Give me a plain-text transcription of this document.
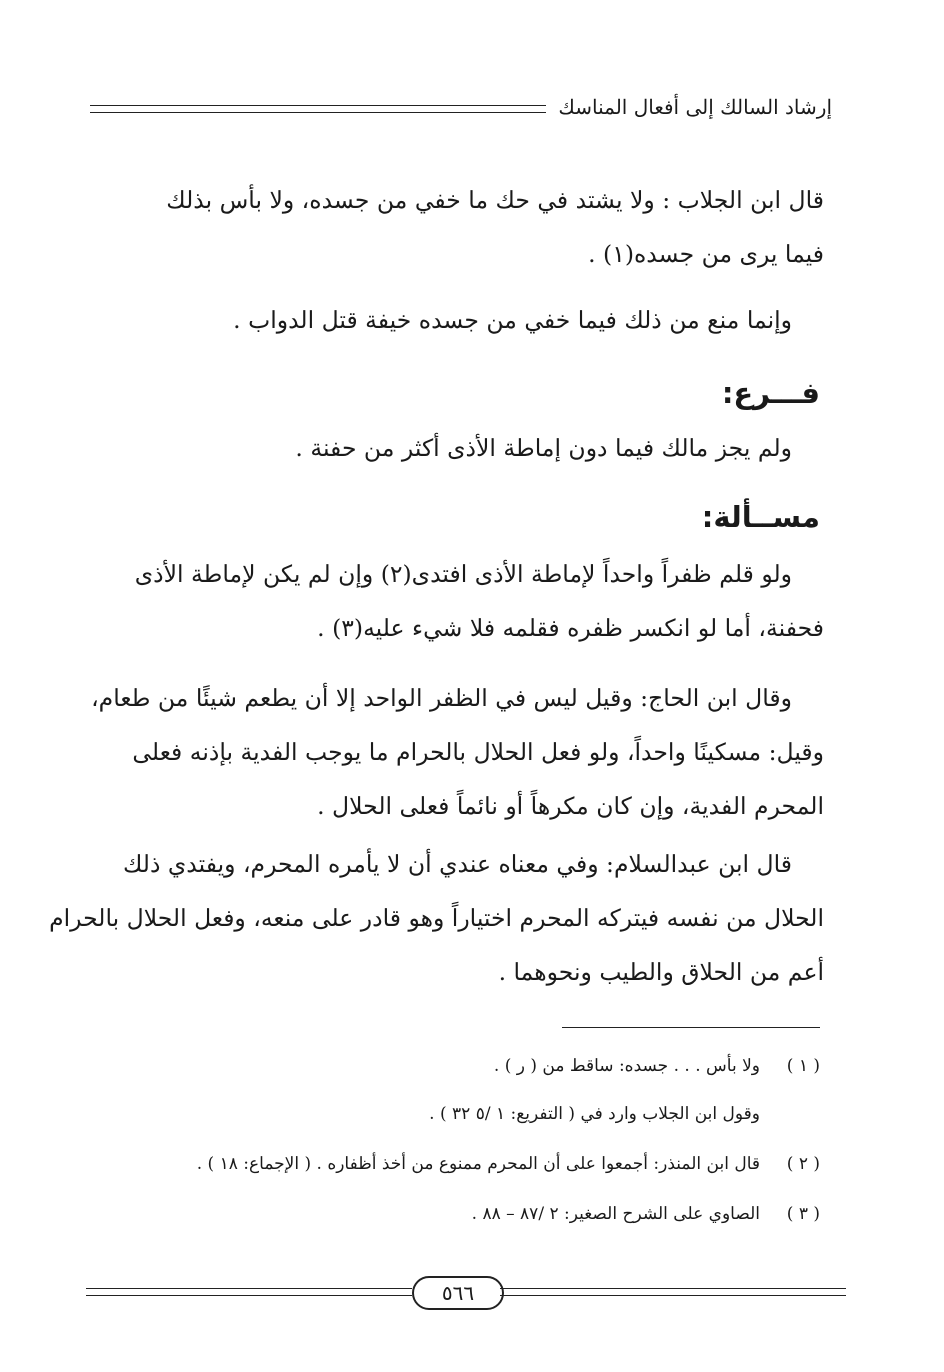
إرشاد السالك إلى أفعال المناسك
قال ابن الجلاب : ولا يشتد في حك ما خفي من جسده، ولا بأس بذلك
فيما يرى من جسده(١) .
وإنما منع من ذلك فيما خفي من جسده خيفة قتل الدواب .
فـــرع:
ولم يجز مالك فيما دون إماطة الأذى أكثر من حفنة .
مســألة:
ولو قلم ظفراً واحداً لإماطة الأذى افتدى(٢) وإن لم يكن لإماطة الأذى
فحفنة، أما لو انكسر ظفره فقلمه فلا شيء عليه(٣) .
وقال ابن الحاج: وقيل ليس في الظفر الواحد إلا أن يطعم شيئًا من طعام،
وقيل: مسكينًا واحداً، ولو فعل الحلال بالحرام ما يوجب الفدية بإذنه فعلى
المحرم الفدية، وإن كان مكرهاً أو نائماً فعلى الحلال .
قال ابن عبدالسلام: وفي معناه عندي أن لا يأمره المحرم، ويفتدي ذلك
الحلال من نفسه فيتركه المحرم اختياراً وهو قادر على منعه، وفعل الحلال بالحرام
أعم من الحلاق والطيب ونحوهما .
( ١ )ولا بأس . . . جسده: ساقط من ( ر ) .
وقول ابن الجلاب وارد في ( التفريع: ١ /٥ ٣٢ ) .
( ٢ )قال ابن المنذر: أجمعوا على أن المحرم ممنوع من أخذ أظفاره . ( الإجماع: ١٨ ) .
( ٣ )الصاوي على الشرح الصغير: ٢ /٨٧ – ٨٨ .
٥٦٦
